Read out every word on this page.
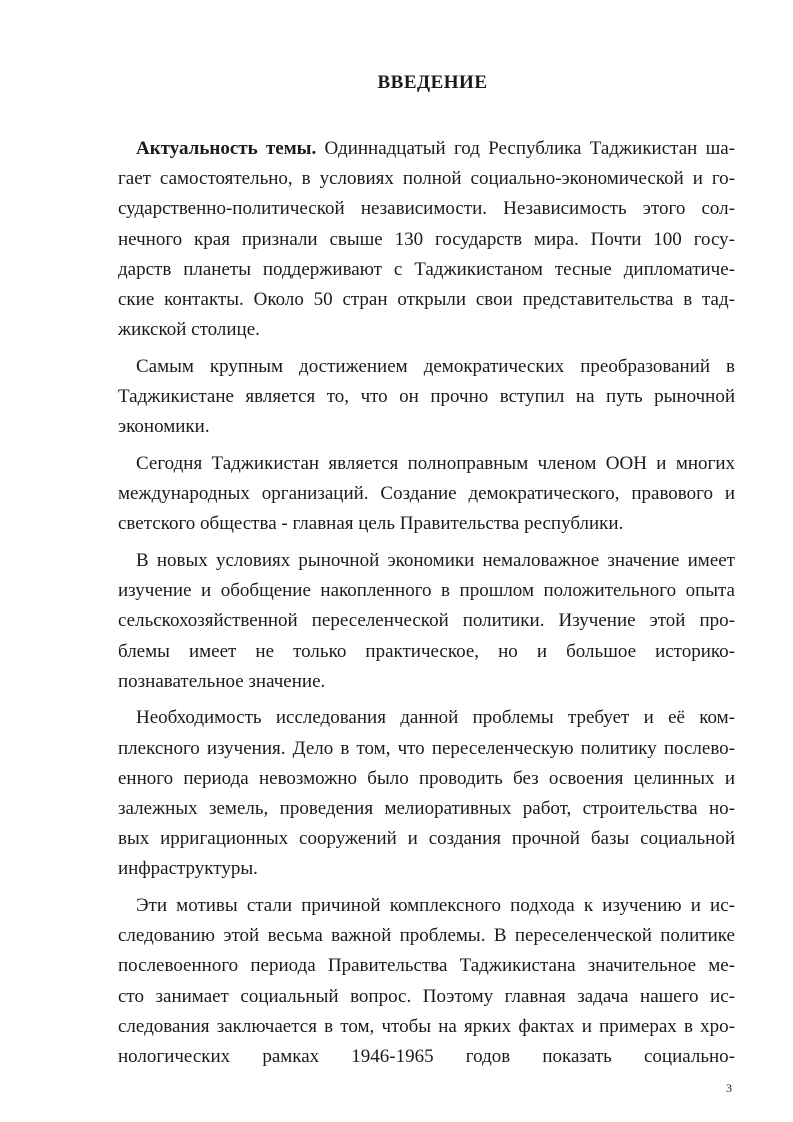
ВВЕДЕНИЕ

Актуальность темы. Одиннадцатый год Республика Таджикистан ша-
гает самостоятельно, в условиях полной социально-экономической и го-
сударственно-политической независимости. Независимость этого сол-
нечного края признали свыше 130 государств мира. Почти 100 госу-
дарств планеты поддерживают с Таджикистаном тесные дипломатиче-
ские контакты. Около 50 стран открыли свои представительства в тад-
жикской столице.

Самым крупным достижением демократических преобразований в
Таджикистане является то, что он прочно вступил на путь рыночной
экономики.

Сегодня Таджикистан является полноправным членом ООН и многих
международных организаций. Создание демократического, правового и
светского общества - главная цель Правительства республики.

В новых условиях рыночной экономики немаловажное значение имеет
изучение и обобщение накопленного в прошлом положительного опыта
сельскохозяйственной переселенческой политики. Изучение этой про-
блемы имеет не только практическое, но и большое историко-
познавательное значение.

Необходимость исследования данной проблемы требует и её ком-
плексного изучения. Дело в том, что переселенческую политику послево-
енного периода невозможно было проводить без освоения целинных и
залежных земель, проведения мелиоративных работ, строительства но-
вых ирригационных сооружений и создания прочной базы социальной
инфраструктуры.

Эти мотивы стали причиной комплексного подхода к изучению и ис-
следованию этой весьма важной проблемы. В переселенческой политике
послевоенного периода Правительства Таджикистана значительное ме-
сто занимает социальный вопрос. Поэтому главная задача нашего ис-
следования заключается в том, чтобы на ярких фактах и примерах в хро-
нологических рамках 1946-1965 годов показать социально-

3
